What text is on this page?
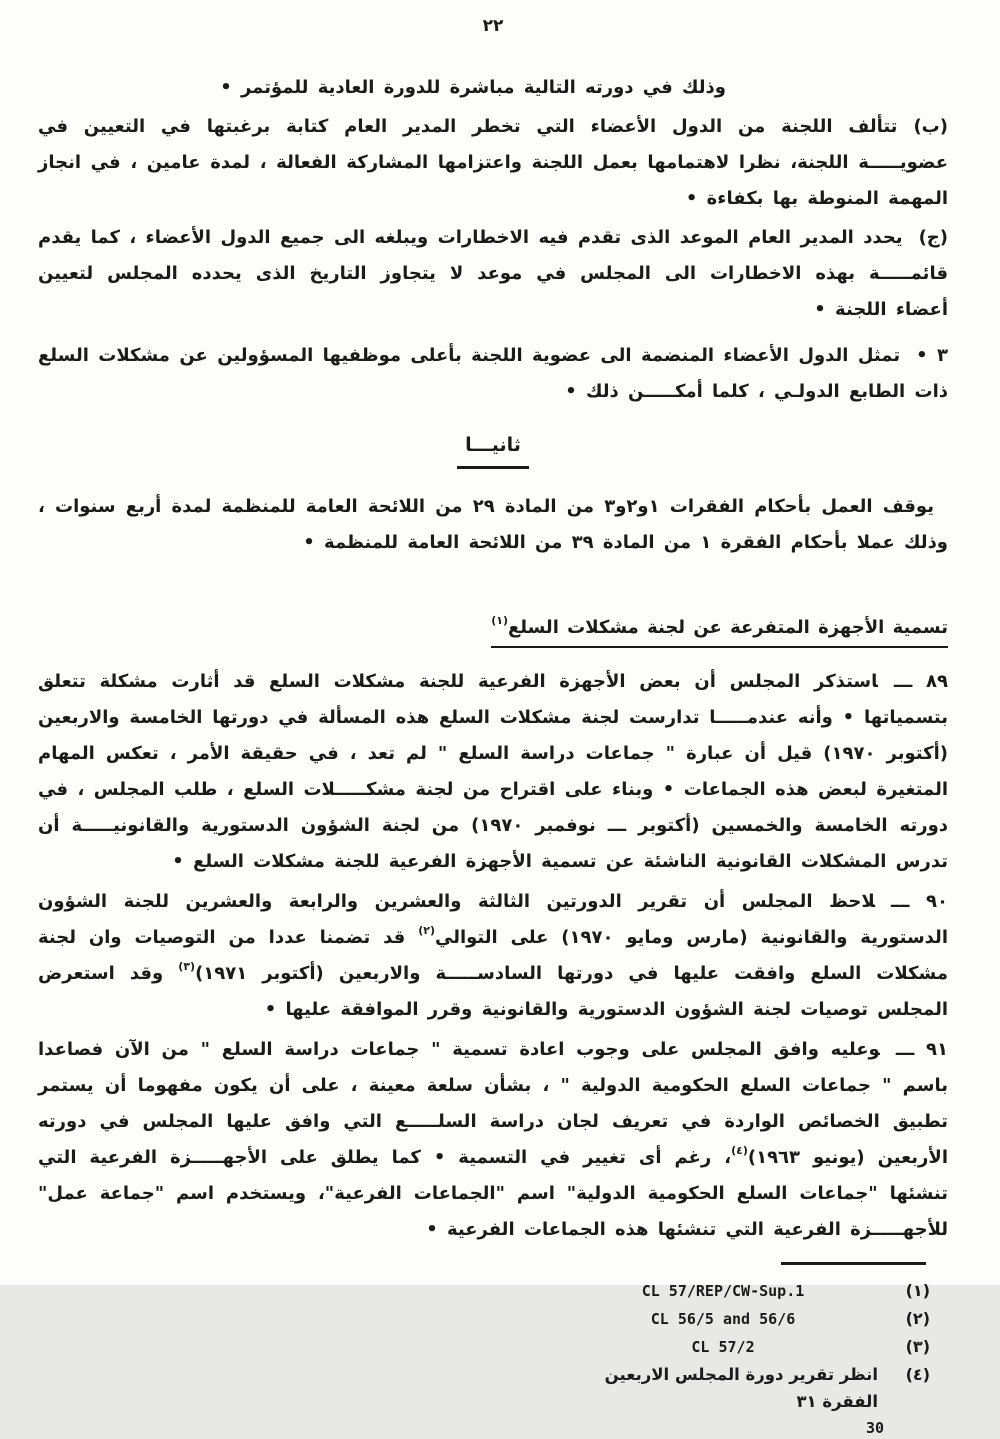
٢٢

وذلك في دورته التالية مباشرة للدورة العادية للمؤتمر •

(ب)تتألف اللجنة من الدول الأعضاء التي تخطر المدير العام كتابة برغبتها في التعيين في عضويـــــة اللجنة، نظرا لاهتمامها بعمل اللجنة واعتزامها المشاركة الفعالة ، لمدة عامين ، في انجاز المهمة المنوطة بها بكفاءة •

(ج)يحدد المدير العام الموعد الذى تقدم فيه الاخطارات ويبلغه الى جميع الدول الأعضاء ، كما يقدم قائمـــــة بهذه الاخطارات الى المجلس في موعد لا يتجاوز التاريخ الذى يحدده المجلس لتعيين أعضاء اللجنة •

٣ •تمثل الدول الأعضاء المنضمة الى عضوية اللجنة بأعلى موظفيها المسؤولين عن مشكلات السلع ذات الطابع الدولـي ، كلما أمكـــــن ذلك •

ثانيـــا

يوقف العمل بأحكام الفقرات ١و٢و٣ من المادة ٢٩ من اللائحة العامة للمنظمة لمدة أربع سنوات ، وذلك عملا بأحكام الفقرة ١ من المادة ٣٩ من اللائحة العامة للمنظمة •

تسمية الأجهزة المتفرعة عن لجنة مشكلات السلع$^{(١)}$

٨٩ ـــاستذكر المجلس أن بعض الأجهزة الفرعية للجنة مشكلات السلع قد أثارت مشكلة تتعلق بتسمياتها • وأنه عندمـــــا تدارست لجنة مشكلات السلع هذه المسألة في دورتها الخامسة والاربعين (أكتوبر ١٩٧٠) قيل أن عبارة " جماعات دراسة السلع " لم تعد ، في حقيقة الأمر ، تعكس المهام المتغيرة لبعض هذه الجماعات • وبناء على اقتراح من لجنة مشكـــــلات السلع ، طلب المجلس ، في دورته الخامسة والخمسين (أكتوبر ـــ نوفمبر ١٩٧٠) من لجنة الشؤون الدستورية والقانونيـــــة أن تدرس المشكلات القانونية الناشئة عن تسمية الأجهزة الفرعية للجنة مشكلات السلع •

٩٠ ـــلاحظ المجلس أن تقرير الدورتين الثالثة والعشرين والرابعة والعشرين للجنة الشؤون الدستورية والقانونية (مارس ومايو ١٩٧٠) على التوالي$^{(٢)}$ قد تضمنا عددا من التوصيات وان لجنة مشكلات السلع وافقت عليها في دورتها السادســـــة والاربعين (أكتوبر ١٩٧١)$^{(٣)}$ وقد استعرض المجلس توصيات لجنة الشؤون الدستورية والقانونية وقرر الموافقة عليها •

٩١ ـــوعليه وافق المجلس على وجوب اعادة تسمية " جماعات دراسة السلع " من الآن فصاعدا باسم " جماعات السلع الحكومية الدولية " ، بشأن سلعة معينة ، على أن يكون مفهوما أن يستمر تطبيق الخصائص الواردة في تعريف لجان دراسة السلـــــع التي وافق عليها المجلس في دورته الأربعين (يونيو ١٩٦٣)$^{(٤)}$، رغم أى تغيير في التسمية • كما يطلق على الأجهـــــزة الفرعية التي تنشئها "جماعات السلع الحكومية الدولية" اسم "الجماعات الفرعية"، ويستخدم اسم "جماعة عمل" للأجهـــــزة الفرعية التي تنشئها هذه الجماعات الفرعية •

(١)
CL 57/REP/CW-Sup.1
(٢)
CL 56/5 and 56/6
(٣)
CL 57/2
(٤)
انظر تقرير دورة المجلس الاربعين الفقرة ٣١
30
